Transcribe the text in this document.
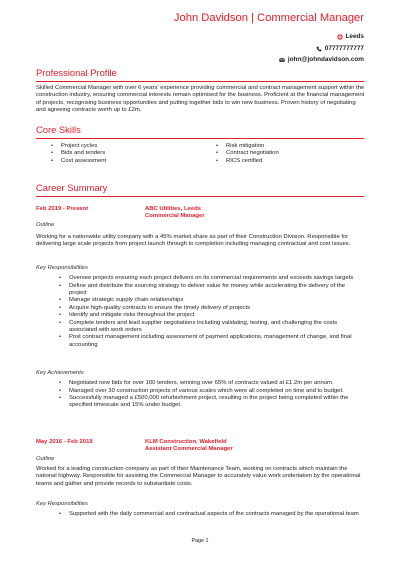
John Davidson | Commercial Manager
Leeds
07777777777
john@johndavidson.com
Professional Profile

Skilled Commercial Manager with over 6 years' experience providing commercial and contract management support within the construction industry, ensuring commercial interests remain optimised for the business. Proficient at the financial management of projects, recognising business opportunities and putting together bids to win new business. Proven history of negotiating and agreeing contracts worth up to £2m.

Core Skills
• Project cycles
• Bids and tenders
• Cost assessment
• Risk mitigation
• Contract negotiation
• RICS certified
Career Summary
Feb 2019 - Present	ABC Utilities, Leeds
Commercial Manager
Outline

Working for a nationwide utility company with a 45% market share as part of their Construction Division. Responsible for delivering large scale projects from project launch through to completion including managing contractual and cost issues.

Key Responsibilities
• Oversee projects ensuring each project delivers on its commercial requirements and exceeds savings targets
• Define and distribute the sourcing strategy to deliver value for money while accelerating the delivery of the project
• Manage strategic supply chain relationships
• Acquire high-quality contracts to ensure the timely delivery of projects
• Identify and mitigate risks throughout the project
• Complete tenders and lead supplier negotiations including validating, testing, and challenging the costs associated with work orders
• Post contract management including assessment of payment applications, management of change, and final accounting
Key Achievements
• Negotiated new bids for over 100 tenders, winning over 65% of contracts valued at £1.2m per annum.
• Managed over 30 construction projects of various scales which were all completed on time and to budget.
• Successfully managed a £500,000 refurbishment project, resulting in the project being completed within the specified timescale and 15% under budget.
May 2016 - Feb 2019	KLM Construction, Wakefield
Assistant Commercial Manager
Outline

Worked for a leading construction company as part of their Maintenance Team, working on contracts which maintain the national highway. Responsible for assisting the Commercial Manager to accurately value work undertaken by the operational teams and gather and provide records to substantiate costs.

Key Responsibilities
• Supported with the daily commercial and contractual aspects of the contracts managed by the operational team
Page 1
